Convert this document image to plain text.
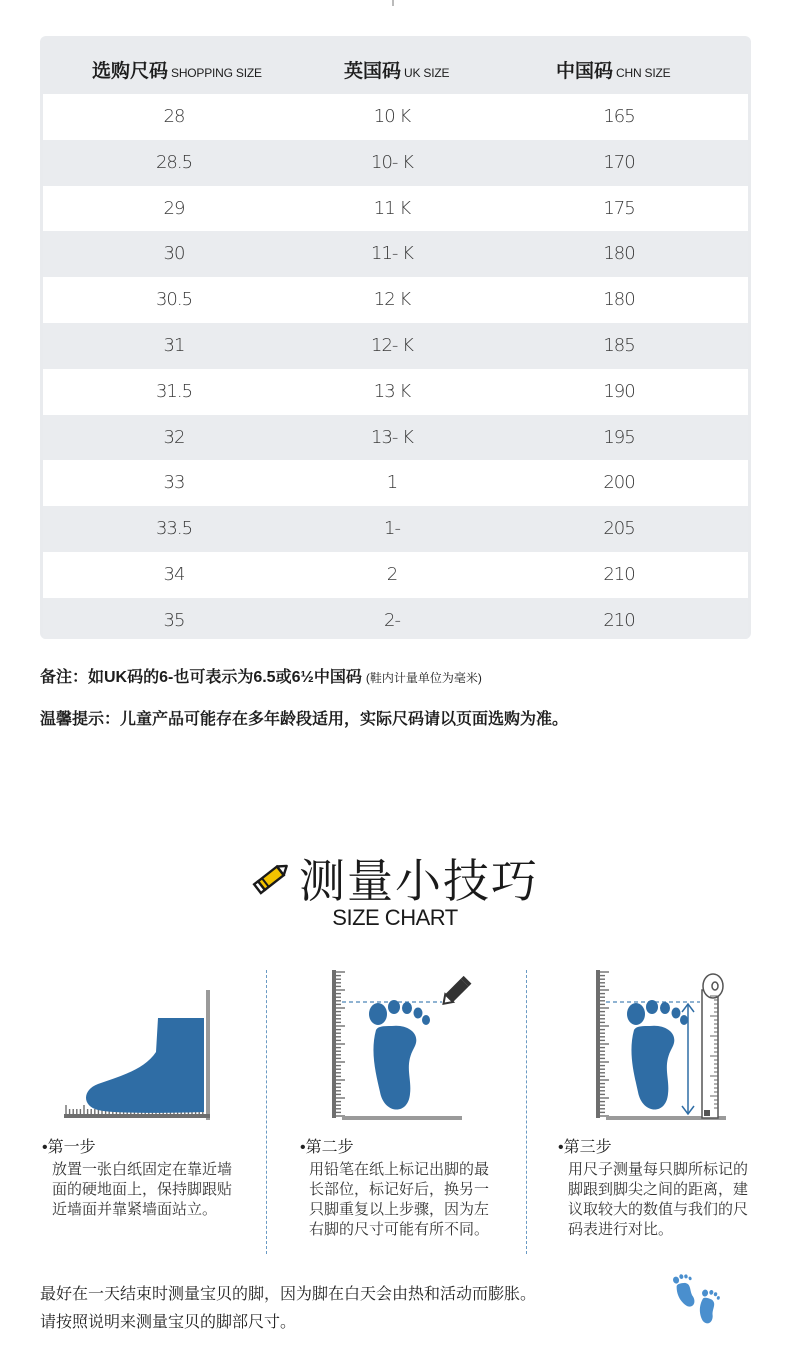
选购尺码 SHOPPING SIZE	英国码 UK SIZE	中国码 CHN SIZE
28	10 K	165
28.5	10- K	170
29	11 K	175
30	11- K	180
30.5	12 K	180
31	12- K	185
31.5	13 K	190
32	13- K	195
33	1	200
33.5	1-	205
34	2	210
35	2-	210
备注：如UK码的6-也可表示为6.5或6½中国码 (鞋内计量单位为毫米)
温馨提示：儿童产品可能存在多年龄段适用，实际尺码请以页面选购为准。
测量小技巧
SIZE CHART
•第一步
放置一张白纸固定在靠近墙面的硬地面上，保持脚跟贴近墙面并靠紧墙面站立。
•第二步
用铅笔在纸上标记出脚的最长部位，标记好后，换另一只脚重复以上步骤，因为左右脚的尺寸可能有所不同。
•第三步
用尺子测量每只脚所标记的脚跟到脚尖之间的距离，建议取较大的数值与我们的尺码表进行对比。
最好在一天结束时测量宝贝的脚，因为脚在白天会由热和活动而膨胀。
请按照说明来测量宝贝的脚部尺寸。
